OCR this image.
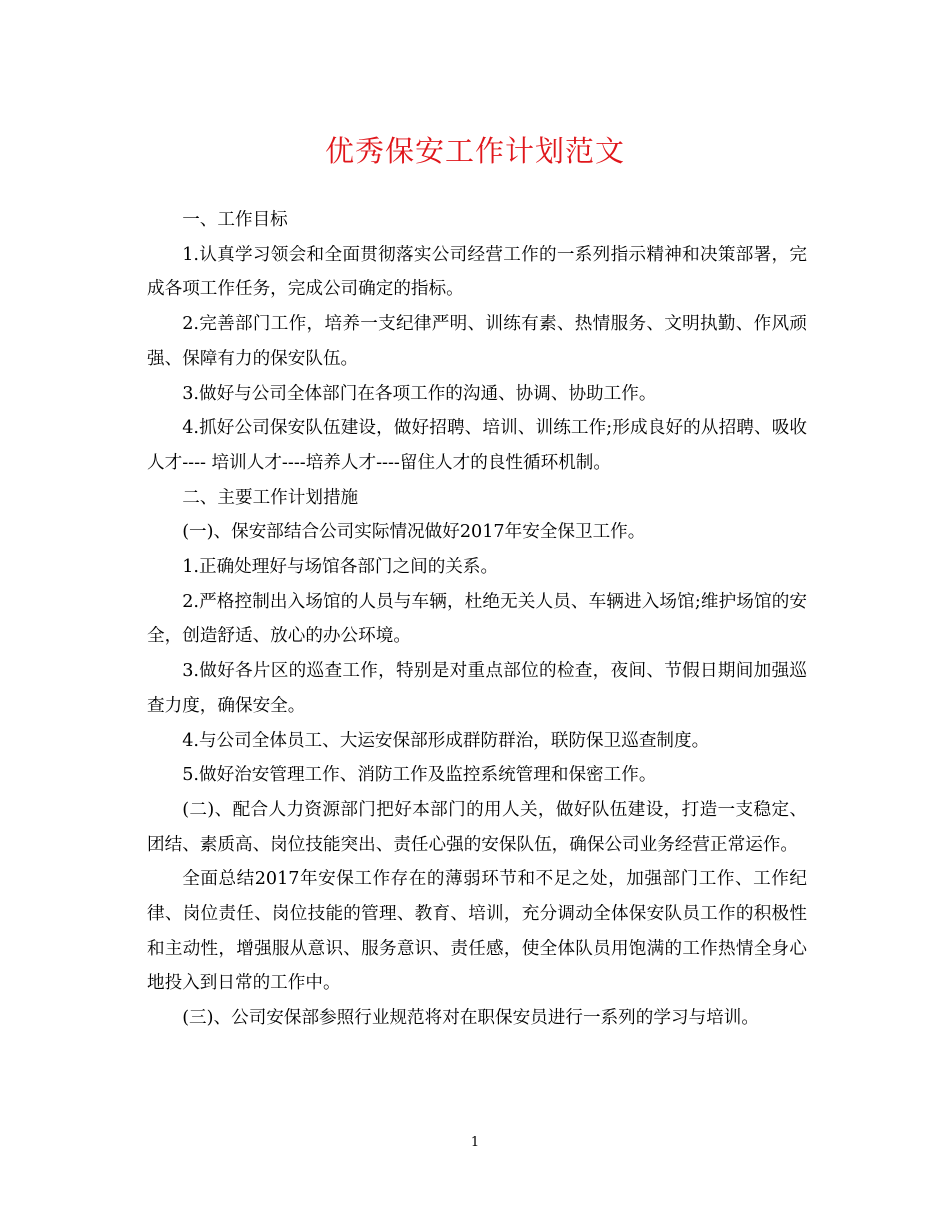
优秀保安工作计划范文

一、工作目标

1.认真学习领会和全面贯彻落实公司经营工作的一系列指示精神和决策部署，完成各项工作任务，完成公司确定的指标。

2.完善部门工作，培养一支纪律严明、训练有素、热情服务、文明执勤、作风顽强、保障有力的保安队伍。

3.做好与公司全体部门在各项工作的沟通、协调、协助工作。

4.抓好公司保安队伍建设，做好招聘、培训、训练工作;形成良好的从招聘、吸收人才---- 培训人才----培养人才----留住人才的良性循环机制。

二、主要工作计划措施

(一)、保安部结合公司实际情况做好2017年安全保卫工作。

1.正确处理好与场馆各部门之间的关系。

2.严格控制出入场馆的人员与车辆，杜绝无关人员、车辆进入场馆;维护场馆的安全，创造舒适、放心的办公环境。

3.做好各片区的巡查工作，特别是对重点部位的检查，夜间、节假日期间加强巡查力度，确保安全。

4.与公司全体员工、大运安保部形成群防群治，联防保卫巡查制度。

5.做好治安管理工作、消防工作及监控系统管理和保密工作。

(二)、配合人力资源部门把好本部门的用人关，做好队伍建设，打造一支稳定、团结、素质高、岗位技能突出、责任心强的安保队伍，确保公司业务经营正常运作。

全面总结2017年安保工作存在的薄弱环节和不足之处，加强部门工作、工作纪律、岗位责任、岗位技能的管理、教育、培训，充分调动全体保安队员工作的积极性和主动性，增强服从意识、服务意识、责任感，使全体队员用饱满的工作热情全身心地投入到日常的工作中。

(三)、公司安保部参照行业规范将对在职保安员进行一系列的学习与培训。

1
